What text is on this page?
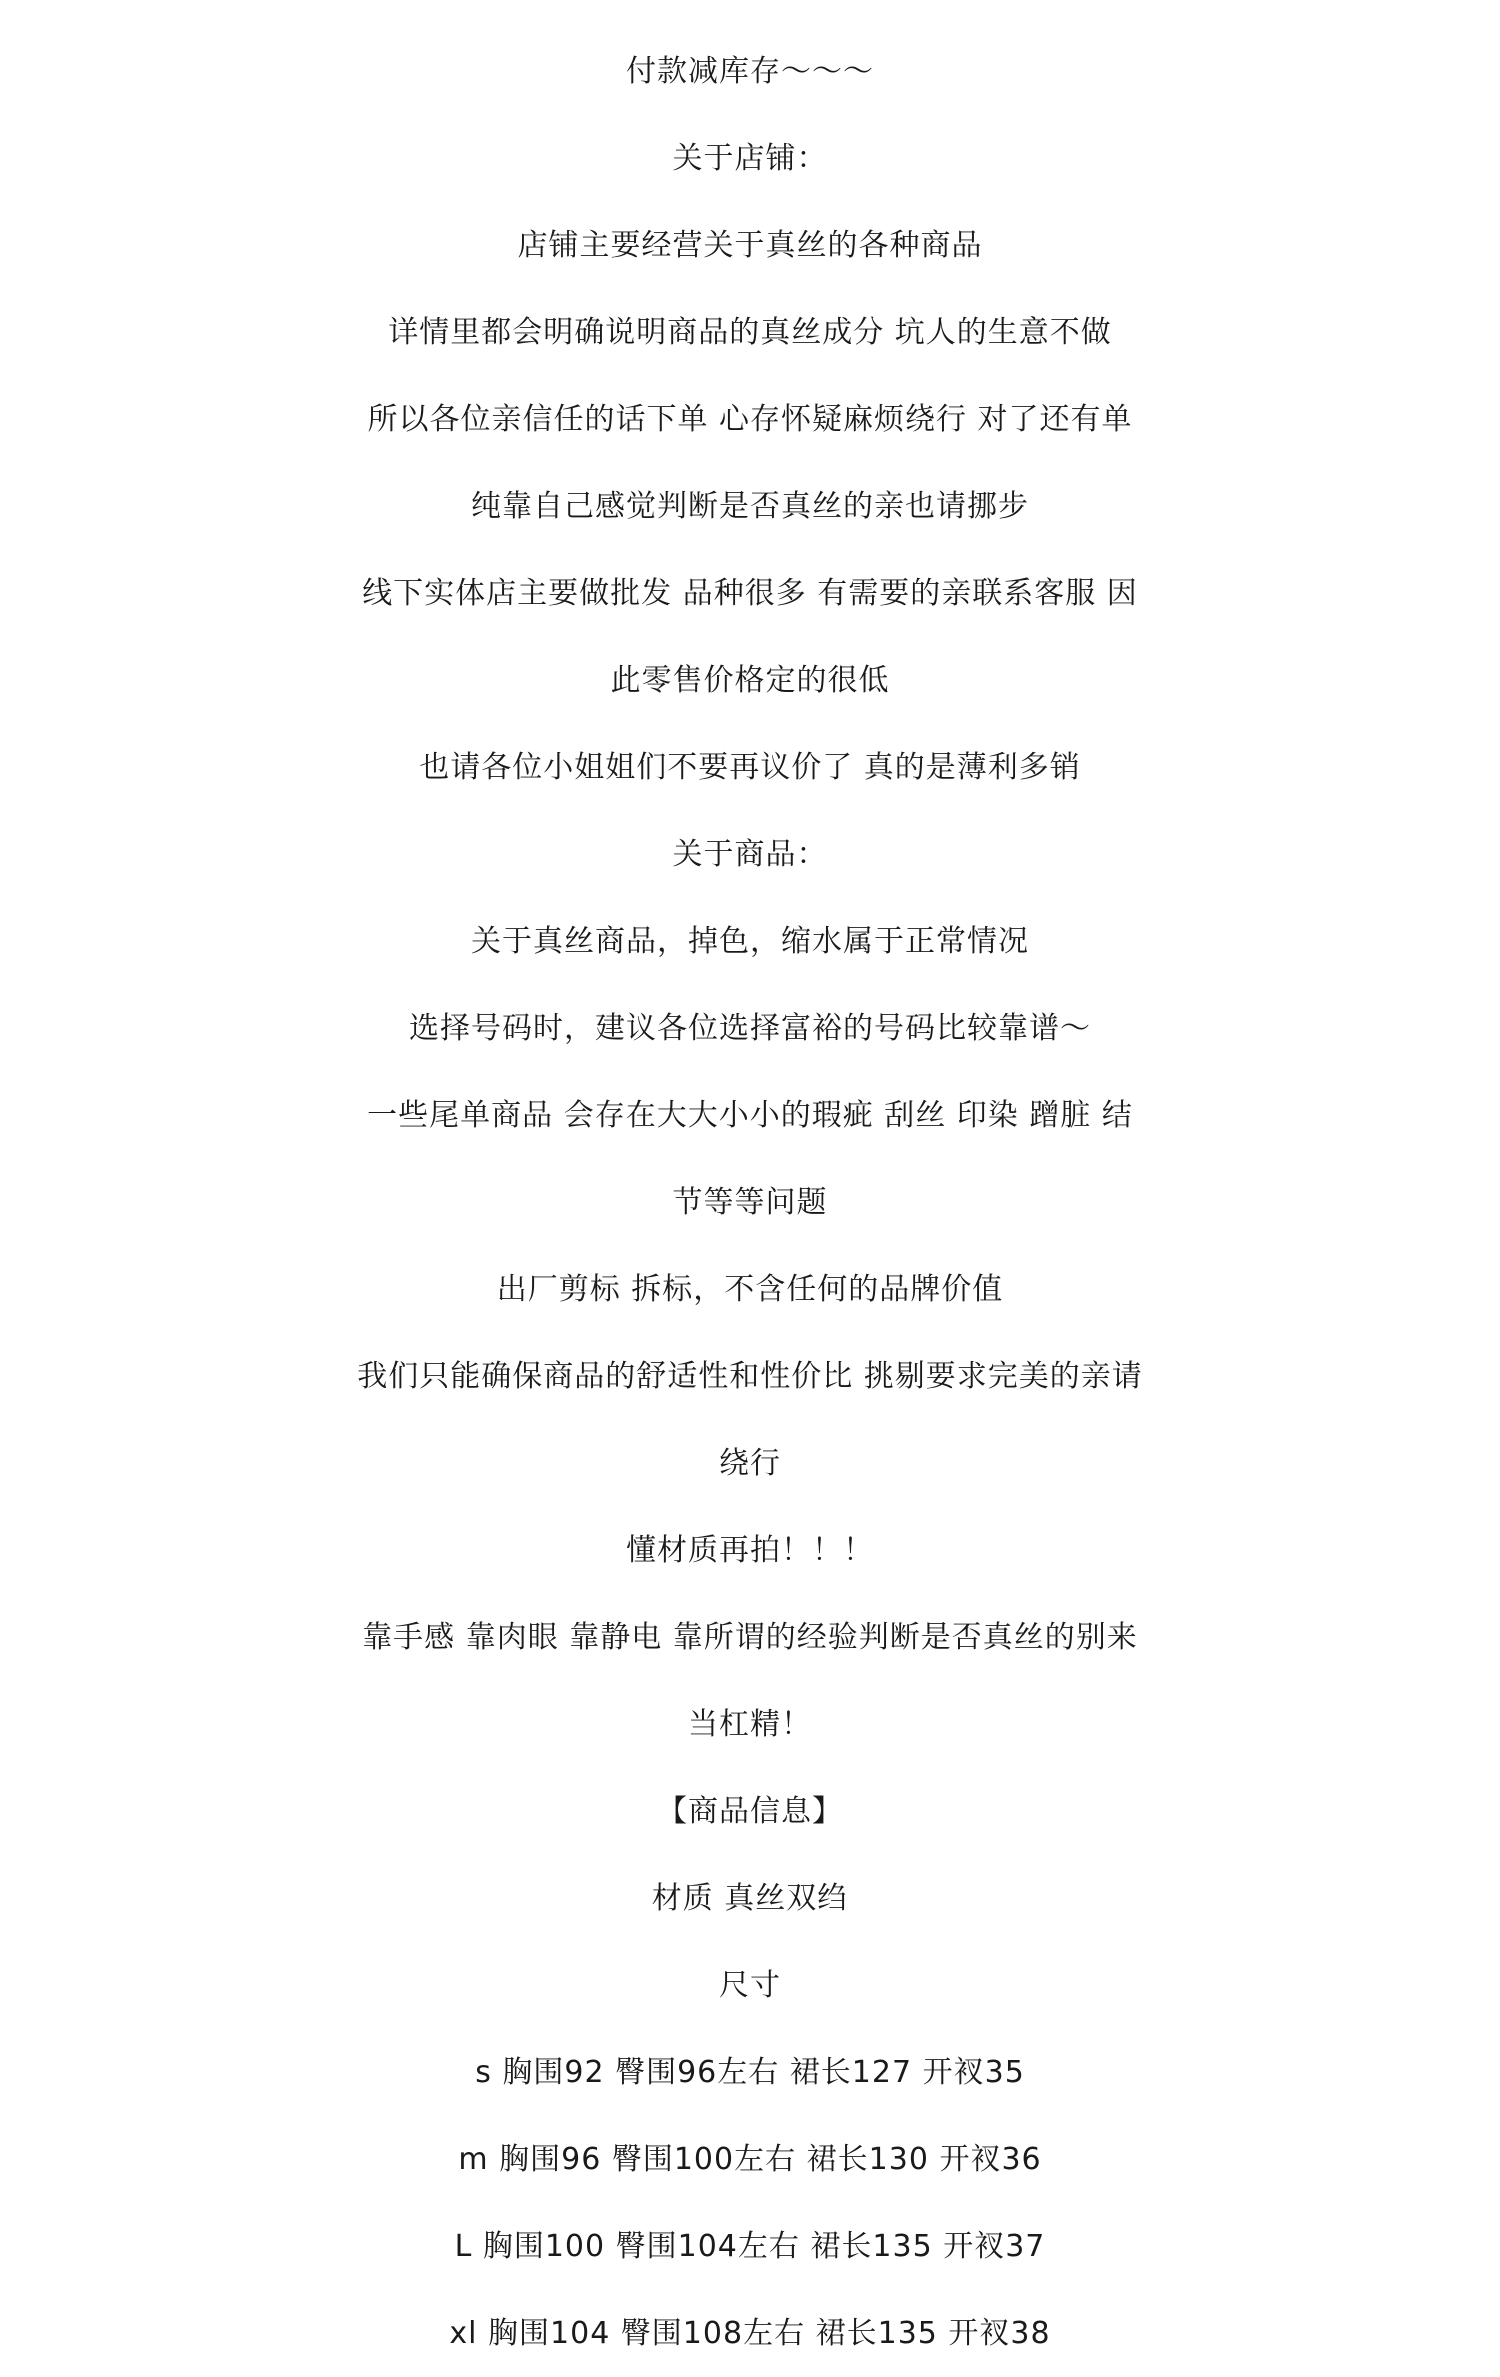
付款减库存～～～
关于店铺：
店铺主要经营关于真丝的各种商品
详情里都会明确说明商品的真丝成分 坑人的生意不做
所以各位亲信任的话下单 心存怀疑麻烦绕行 对了还有单
纯靠自己感觉判断是否真丝的亲也请挪步
线下实体店主要做批发 品种很多 有需要的亲联系客服 因
此零售价格定的很低
也请各位小姐姐们不要再议价了 真的是薄利多销
关于商品：
关于真丝商品，掉色，缩水属于正常情况
选择号码时，建议各位选择富裕的号码比较靠谱～
一些尾单商品 会存在大大小小的瑕疵 刮丝 印染 蹭脏 结
节等等问题
出厂剪标 拆标，不含任何的品牌价值
我们只能确保商品的舒适性和性价比 挑剔要求完美的亲请
绕行
懂材质再拍！！！
靠手感 靠肉眼 靠静电 靠所谓的经验判断是否真丝的别来
当杠精！
【商品信息】
材质 真丝双绉
尺寸
s 胸围92 臀围96左右 裙长127 开衩35
m 胸围96 臀围100左右 裙长130 开衩36
L 胸围100 臀围104左右 裙长135 开衩37
xl 胸围104 臀围108左右 裙长135 开衩38
